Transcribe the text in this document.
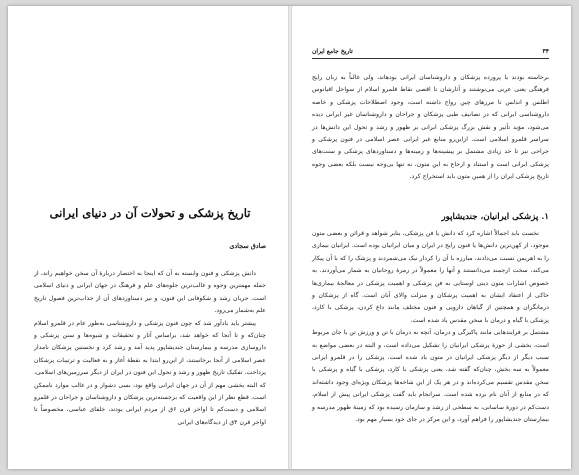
تاریخ پزشکی و تحولات آن در دنیای ایرانی
صادق سجادی

دانش پزشکی و فنون وابسته به آن که اینجا به اختصار دربارهٔ آن سخن خواهیم راند، از جمله مهمترین وجوه و غالب‌ترین جلوه‌های علم و فرهنگ در جهان ایرانی و دنیای اسلامی است. جریان رشد و شکوفایی این فنون، و نیز دستاوردهای آن از جذاب‌ترین فصول تاریخ علم به‌شمار می‌رود.

پیشتر باید یادآور شد که چون فنون پزشکی و داروشناسی به‌طور عام در قلمرو اسلام چنان‌که و تا آنجا که خواهد شد، براساس آثار و تحقیقات و شیوه‌ها و سنن پزشکی و داروسازی مدرسه و بیمارستان جندیشاپور پدید آمد و رشد کرد و نخستین پزشکان نامدار عصر اسلامی از آنجا برخاستند، از این‌رو ابتدا به نقطهٔ آغاز و به فعالیت و ترتیبات پزشکان پرداخت. تفکیک تاریخ ظهور و رشد و تحول این فنون در ایران از دیگر سرزمین‌های اسلامی، که البته بخشی مهم از آن در جهان ایرانی واقع بود، بسی دشوار و در غالب موارد ناممکن است. قطع نظر از این واقعیت که برجسته‌ترین پزشکان و داروشناسان و جراحان در قلمرو اسلامی و دست‌کم تا اواخر قرن ۶ق از مردم ایرانی بودند، خلفای عباسی، مخصوصاً تا اواخر قرن ۴ق از دیدگاه‌های ایرانی

۳۴
تاریخ جامع ایران

برخاسته بودند یا پرورده پزشکان و داروشناسان ایرانی بودهاند، ولی غالباً به زبان رایج فرهنگی یعنی عربی می‌نوشتند و آثارشان تا اقصی نقاط قلمرو اسلام از سواحل اقیانوس اطلس و اندلس تا مرزهای چین رواج داشته است، وجود اصطلاحات پزشکی و خاصه داروشناسی ایرانی که در تصانیف طبی پزشکان و جراحان و داروشناسان غیر ایرانی دیده می‌شود، مؤید تأثیر و نقش بزرگ پزشکی ایرانی بر ظهور و رشد و تحول این دانش‌ها در سراسر قلمرو اسلامی است. ازاین‌رو منابع غیر ایرانی عصر اسلامی در فنون پزشکی و جراحی نیز تا حد زیادی مشتمل بر پیشینه‌ها و زمینه‌ها و دستاوردهای پزشکی و سنت‌های پزشکی ایرانی است و استناد و ارجاع به این متون، نه تنها بی‌وجه نیست بلکه بعضی وجوه تاریخ پزشکی ایران را از همین متون باید استخراج کرد.

۱. پزشکی ایرانیان، جندیشاپور

نخست باید اجمالاً اشاره کرد که دانش یا فن پزشکی، بنابر شواهد و قرائن و بعضی متون موجود، از کهن‌ترین دانش‌ها یا فنون رایج در ایران و میان ایرانیان بوده است. ایرانیان بیماری را به اهریمن نسبت می‌دادند، مبارزه با آن را کردار نیک می‌شمردند و پزشک را که با آن پیکار می‌کند، سخت ارجمند می‌دانستند و آنها را معمولاً در زمرهٔ روحانیان به شمار می‌آوردند. به خصوص اشارات متون دینی اوستایی به فن پزشکی و اهمیت پزشکی در معالجهٔ بیماری‌ها حاکی از اعتقاد ایشان به اهمیت پزشکان و منزلت والای آنان است. گاه از پزشکان و درمانگران و همچنین از گیاهان دارویی و فنون مختلف مانند داغ کردن، پزشکی با کارد، پزشکی با گیاه و درمان با سخن مقدس یاد شده است.

مشتمل بر فرایندهایی مانند پاکیزگی و درمان، آنچه به درمان با تن و ورزش تن یا جان مربوط است، بخشی از حوزهٔ پزشکی ایرانیان را تشکیل می‌داده است، و البته در بعضی مواضع به سبب دیگر از دیگر پزشکی ایرانیان در متون یاد شده است. پزشکی را در قلمرو ایرانی معمولاً به سه بخش، چنان‌که گفته شد، یعنی پزشکی با کارد، پزشکی با گیاه و پزشکی با سخن مقدس تقسیم می‌کرده‌اند و در هر یک از این شاخه‌ها پزشکان ویژه‌ای وجود داشته‌اند که در منابع از آنان نام برده شده است. سرانجام باید گفت پزشکی ایرانی پیش از اسلام، دست‌کم در دورهٔ ساسانی، به سطحی از رشد و سازمان رسیده بود که زمینهٔ ظهور مدرسه و بیمارستان جندیشاپور را فراهم آورد، و این مرکز در جای خود بسیار مهم بود.
